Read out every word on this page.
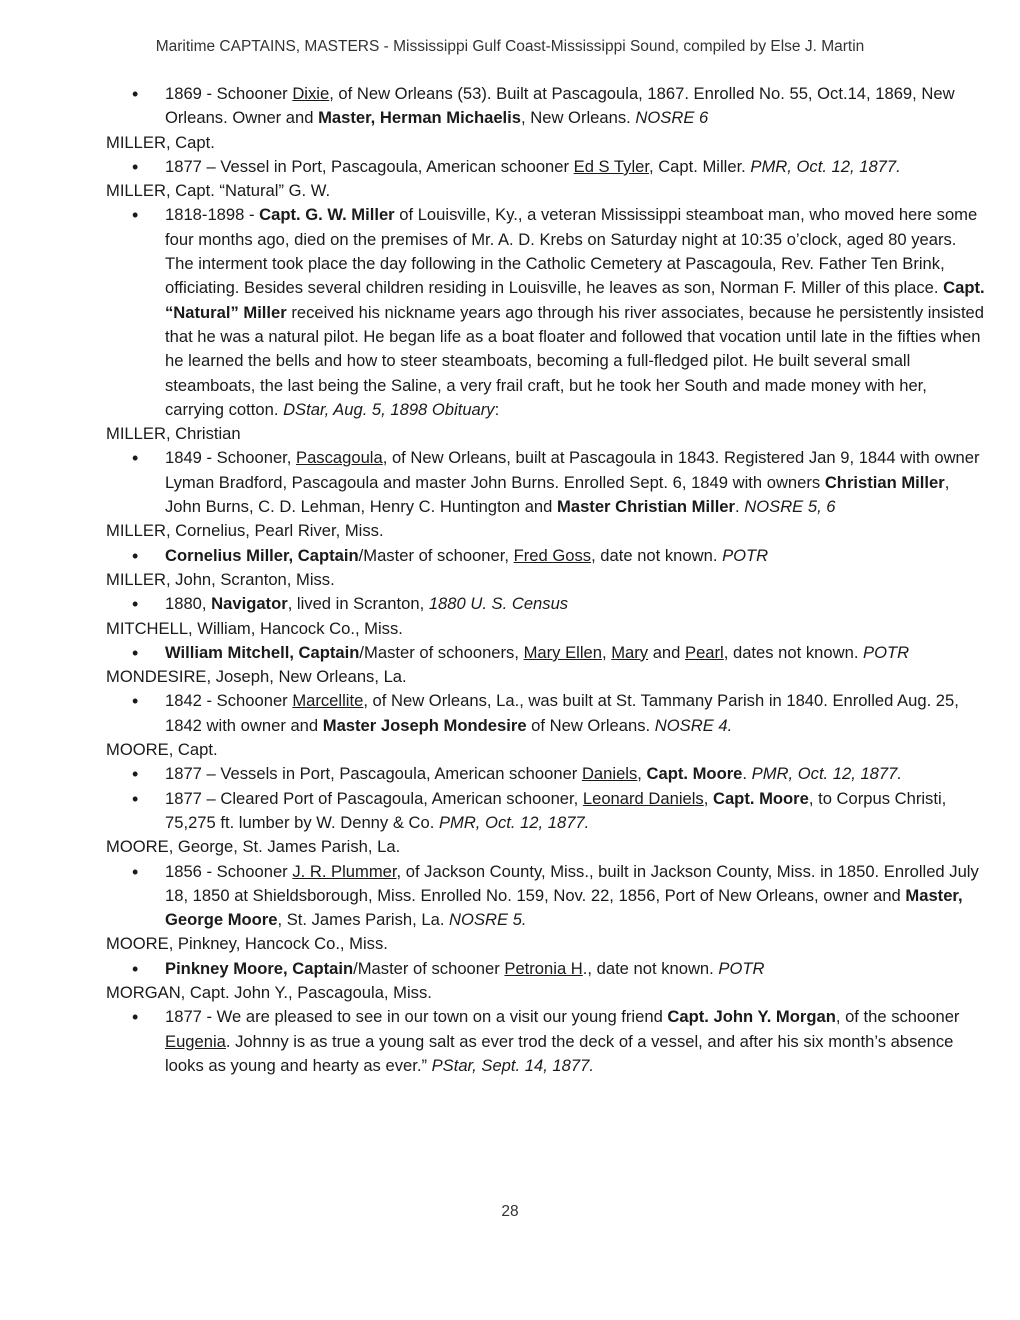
Maritime CAPTAINS, MASTERS - Mississippi Gulf Coast-Mississippi Sound, compiled by Else J. Martin
• 1869 - Schooner Dixie, of New Orleans (53). Built at Pascagoula, 1867. Enrolled No. 55, Oct.14, 1869, New Orleans. Owner and Master, Herman Michaelis, New Orleans. NOSRE 6

MILLER, Capt.

• 1877 – Vessel in Port, Pascagoula, American schooner Ed S Tyler, Capt. Miller. PMR, Oct. 12, 1877.

MILLER, Capt. “Natural” G. W.

• 1818-1898 - Capt. G. W. Miller of Louisville, Ky., a veteran Mississippi steamboat man, who moved here some four months ago, died on the premises of Mr. A. D. Krebs on Saturday night at 10:35 o’clock, aged 80 years. The interment took place the day following in the Catholic Cemetery at Pascagoula, Rev. Father Ten Brink, officiating. Besides several children residing in Louisville, he leaves as son, Norman F. Miller of this place. Capt. “Natural” Miller received his nickname years ago through his river associates, because he persistently insisted that he was a natural pilot. He began life as a boat floater and followed that vocation until late in the fifties when he learned the bells and how to steer steamboats, becoming a full-fledged pilot. He built several small steamboats, the last being the Saline, a very frail craft, but he took her South and made money with her, carrying cotton. DStar, Aug. 5, 1898 Obituary:

MILLER, Christian

• 1849 - Schooner, Pascagoula, of New Orleans, built at Pascagoula in 1843. Registered Jan 9, 1844 with owner Lyman Bradford, Pascagoula and master John Burns. Enrolled Sept. 6, 1849 with owners Christian Miller, John Burns, C. D. Lehman, Henry C. Huntington and Master Christian Miller. NOSRE 5, 6

MILLER, Cornelius, Pearl River, Miss.

• Cornelius Miller, Captain/Master of schooner, Fred Goss, date not known. POTR

MILLER, John, Scranton, Miss.

• 1880, Navigator, lived in Scranton, 1880 U. S. Census

MITCHELL, William, Hancock Co., Miss.

• William Mitchell, Captain/Master of schooners, Mary Ellen, Mary and Pearl, dates not known. POTR

MONDESIRE, Joseph, New Orleans, La.

• 1842 - Schooner Marcellite, of New Orleans, La., was built at St. Tammany Parish in 1840. Enrolled Aug. 25, 1842 with owner and Master Joseph Mondesire of New Orleans. NOSRE 4.

MOORE, Capt.

• 1877 – Vessels in Port, Pascagoula, American schooner Daniels, Capt. Moore. PMR, Oct. 12, 1877.
• 1877 – Cleared Port of Pascagoula, American schooner, Leonard Daniels, Capt. Moore, to Corpus Christi, 75,275 ft. lumber by W. Denny & Co. PMR, Oct. 12, 1877.

MOORE, George, St. James Parish, La.

• 1856 - Schooner J. R. Plummer, of Jackson County, Miss., built in Jackson County, Miss. in 1850. Enrolled July 18, 1850 at Shieldsborough, Miss. Enrolled No. 159, Nov. 22, 1856, Port of New Orleans, owner and Master, George Moore, St. James Parish, La. NOSRE 5.

MOORE, Pinkney, Hancock Co., Miss.

• Pinkney Moore, Captain/Master of schooner Petronia H., date not known. POTR

MORGAN, Capt. John Y., Pascagoula, Miss.

• 1877 - We are pleased to see in our town on a visit our young friend Capt. John Y. Morgan, of the schooner Eugenia. Johnny is as true a young salt as ever trod the deck of a vessel, and after his six month’s absence looks as young and hearty as ever.” PStar, Sept. 14, 1877.
28
